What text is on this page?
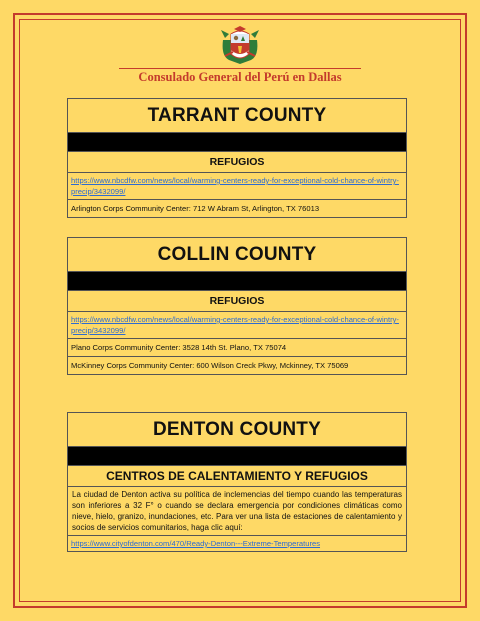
Consulado General del Perú en Dallas
TARRANT COUNTY
REFUGIOS
https://www.nbcdfw.com/news/local/warming-centers-ready-for-exceptional-cold-chance-of-wintry-precip/3432099/
Arlington Corps Community Center: 712 W Abram St, Arlington, TX 76013
COLLIN COUNTY
REFUGIOS
https://www.nbcdfw.com/news/local/warming-centers-ready-for-exceptional-cold-chance-of-wintry-precip/3432099/
Plano Corps Community Center: 3528 14th St. Plano, TX 75074
McKinney Corps Community Center: 600 Wilson Creck Pkwy, Mckinney, TX 75069
DENTON COUNTY
CENTROS DE CALENTAMIENTO Y REFUGIOS
La ciudad de Denton activa su política de inclemencias del tiempo cuando las temperaturas son inferiores a 32 F° o cuando se declara emergencia por condiciones climáticas como nieve, hielo, granizo, inundaciones, etc. Para ver una lista de estaciones de calentamiento y socios de servicios comunitarios, haga clic aquí:
https://www.cityofdenton.com/470/Ready-Denton---Extreme-Temperatures
